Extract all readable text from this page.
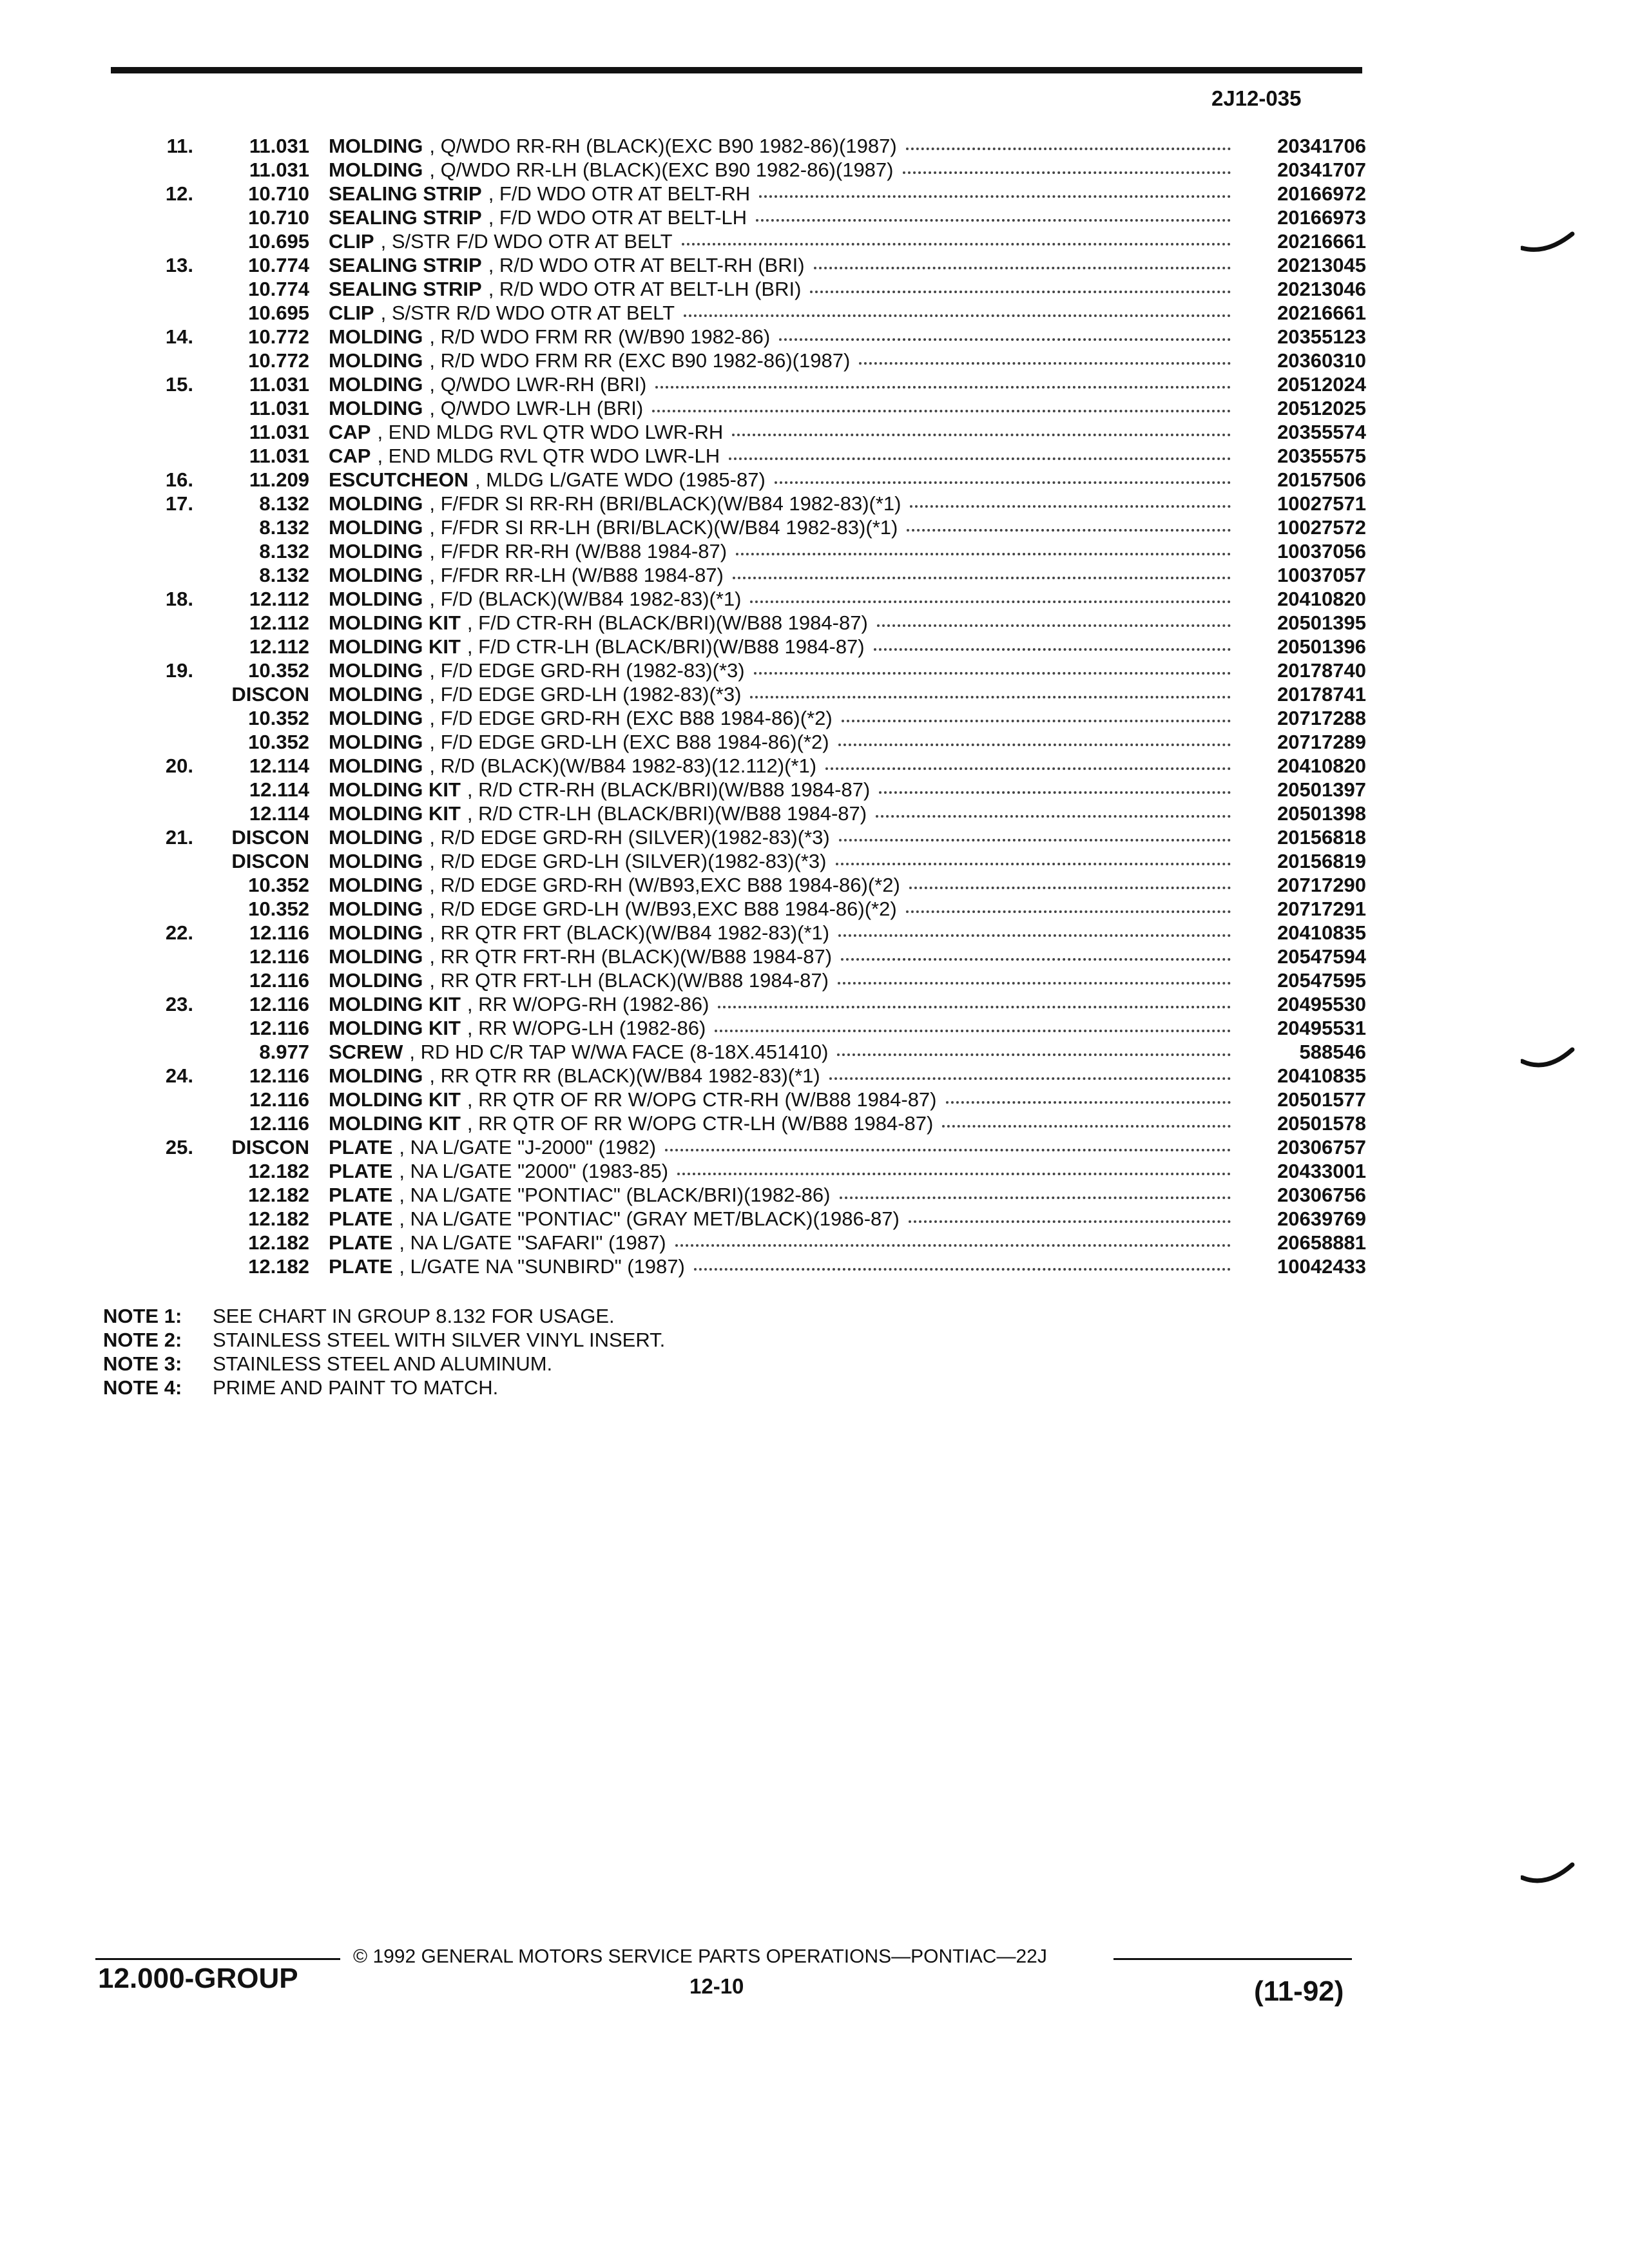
2J12-035
11.	11.031 MOLDING , Q/WDO RR-RH (BLACK)(EXC B90 1982-86)(1987)	20341706
11.031 MOLDING , Q/WDO RR-LH (BLACK)(EXC B90 1982-86)(1987)	20341707
12.	10.710 SEALING STRIP , F/D WDO OTR AT BELT-RH	20166972
10.710 SEALING STRIP , F/D WDO OTR AT BELT-LH	20166973
10.695 CLIP , S/STR F/D WDO OTR AT BELT	20216661
13.	10.774 SEALING STRIP , R/D WDO OTR AT BELT-RH (BRI)	20213045
10.774 SEALING STRIP , R/D WDO OTR AT BELT-LH (BRI)	20213046
10.695 CLIP , S/STR R/D WDO OTR AT BELT	20216661
14.	10.772 MOLDING , R/D WDO FRM RR (W/B90 1982-86)	20355123
10.772 MOLDING , R/D WDO FRM RR (EXC B90 1982-86)(1987)	20360310
15.	11.031 MOLDING , Q/WDO LWR-RH (BRI)	20512024
11.031 MOLDING , Q/WDO LWR-LH (BRI)	20512025
11.031 CAP , END MLDG RVL QTR WDO LWR-RH	20355574
11.031 CAP , END MLDG RVL QTR WDO LWR-LH	20355575
16.	11.209 ESCUTCHEON , MLDG L/GATE WDO (1985-87)	20157506
17.	8.132 MOLDING , F/FDR SI RR-RH (BRI/BLACK)(W/B84 1982-83)(*1)	10027571
8.132 MOLDING , F/FDR SI RR-LH (BRI/BLACK)(W/B84 1982-83)(*1)	10027572
8.132 MOLDING , F/FDR RR-RH (W/B88 1984-87)	10037056
8.132 MOLDING , F/FDR RR-LH (W/B88 1984-87)	10037057
18.	12.112 MOLDING , F/D (BLACK)(W/B84 1982-83)(*1)	20410820
12.112 MOLDING KIT , F/D CTR-RH (BLACK/BRI)(W/B88 1984-87)	20501395
12.112 MOLDING KIT , F/D CTR-LH (BLACK/BRI)(W/B88 1984-87)	20501396
19.	10.352 MOLDING , F/D EDGE GRD-RH (1982-83)(*3)	20178740
DISCON MOLDING , F/D EDGE GRD-LH (1982-83)(*3)	20178741
10.352 MOLDING , F/D EDGE GRD-RH (EXC B88 1984-86)(*2)	20717288
10.352 MOLDING , F/D EDGE GRD-LH (EXC B88 1984-86)(*2)	20717289
20.	12.114 MOLDING , R/D (BLACK)(W/B84 1982-83)(12.112)(*1)	20410820
12.114 MOLDING KIT , R/D CTR-RH (BLACK/BRI)(W/B88 1984-87)	20501397
12.114 MOLDING KIT , R/D CTR-LH (BLACK/BRI)(W/B88 1984-87)	20501398
21.	DISCON MOLDING , R/D EDGE GRD-RH (SILVER)(1982-83)(*3)	20156818
DISCON MOLDING , R/D EDGE GRD-LH (SILVER)(1982-83)(*3)	20156819
10.352 MOLDING , R/D EDGE GRD-RH (W/B93,EXC B88 1984-86)(*2)	20717290
10.352 MOLDING , R/D EDGE GRD-LH (W/B93,EXC B88 1984-86)(*2)	20717291
22.	12.116 MOLDING , RR QTR FRT (BLACK)(W/B84 1982-83)(*1)	20410835
12.116 MOLDING , RR QTR FRT-RH (BLACK)(W/B88 1984-87)	20547594
12.116 MOLDING , RR QTR FRT-LH (BLACK)(W/B88 1984-87)	20547595
23.	12.116 MOLDING KIT , RR W/OPG-RH (1982-86)	20495530
12.116 MOLDING KIT , RR W/OPG-LH (1982-86)	20495531
8.977 SCREW , RD HD C/R TAP W/WA FACE (8-18X.451410)	588546
24.	12.116 MOLDING , RR QTR RR (BLACK)(W/B84 1982-83)(*1)	20410835
12.116 MOLDING KIT , RR QTR OF RR W/OPG CTR-RH (W/B88 1984-87)	20501577
12.116 MOLDING KIT , RR QTR OF RR W/OPG CTR-LH (W/B88 1984-87)	20501578
25.	DISCON PLATE , NA L/GATE "J-2000" (1982)	20306757
12.182 PLATE , NA L/GATE "2000" (1983-85)	20433001
12.182 PLATE , NA L/GATE "PONTIAC" (BLACK/BRI)(1982-86)	20306756
12.182 PLATE , NA L/GATE "PONTIAC" (GRAY MET/BLACK)(1986-87)	20639769
12.182 PLATE , NA L/GATE "SAFARI" (1987)	20658881
12.182 PLATE , L/GATE NA "SUNBIRD" (1987)	10042433
NOTE 1:	SEE CHART IN GROUP 8.132 FOR USAGE.
NOTE 2:	STAINLESS STEEL WITH SILVER VINYL INSERT.
NOTE 3:	STAINLESS STEEL AND ALUMINUM.
NOTE 4:	PRIME AND PAINT TO MATCH.
12.000-GROUP
© 1992 GENERAL MOTORS SERVICE PARTS OPERATIONS—PONTIAC—22J
12-10	(11-92)
